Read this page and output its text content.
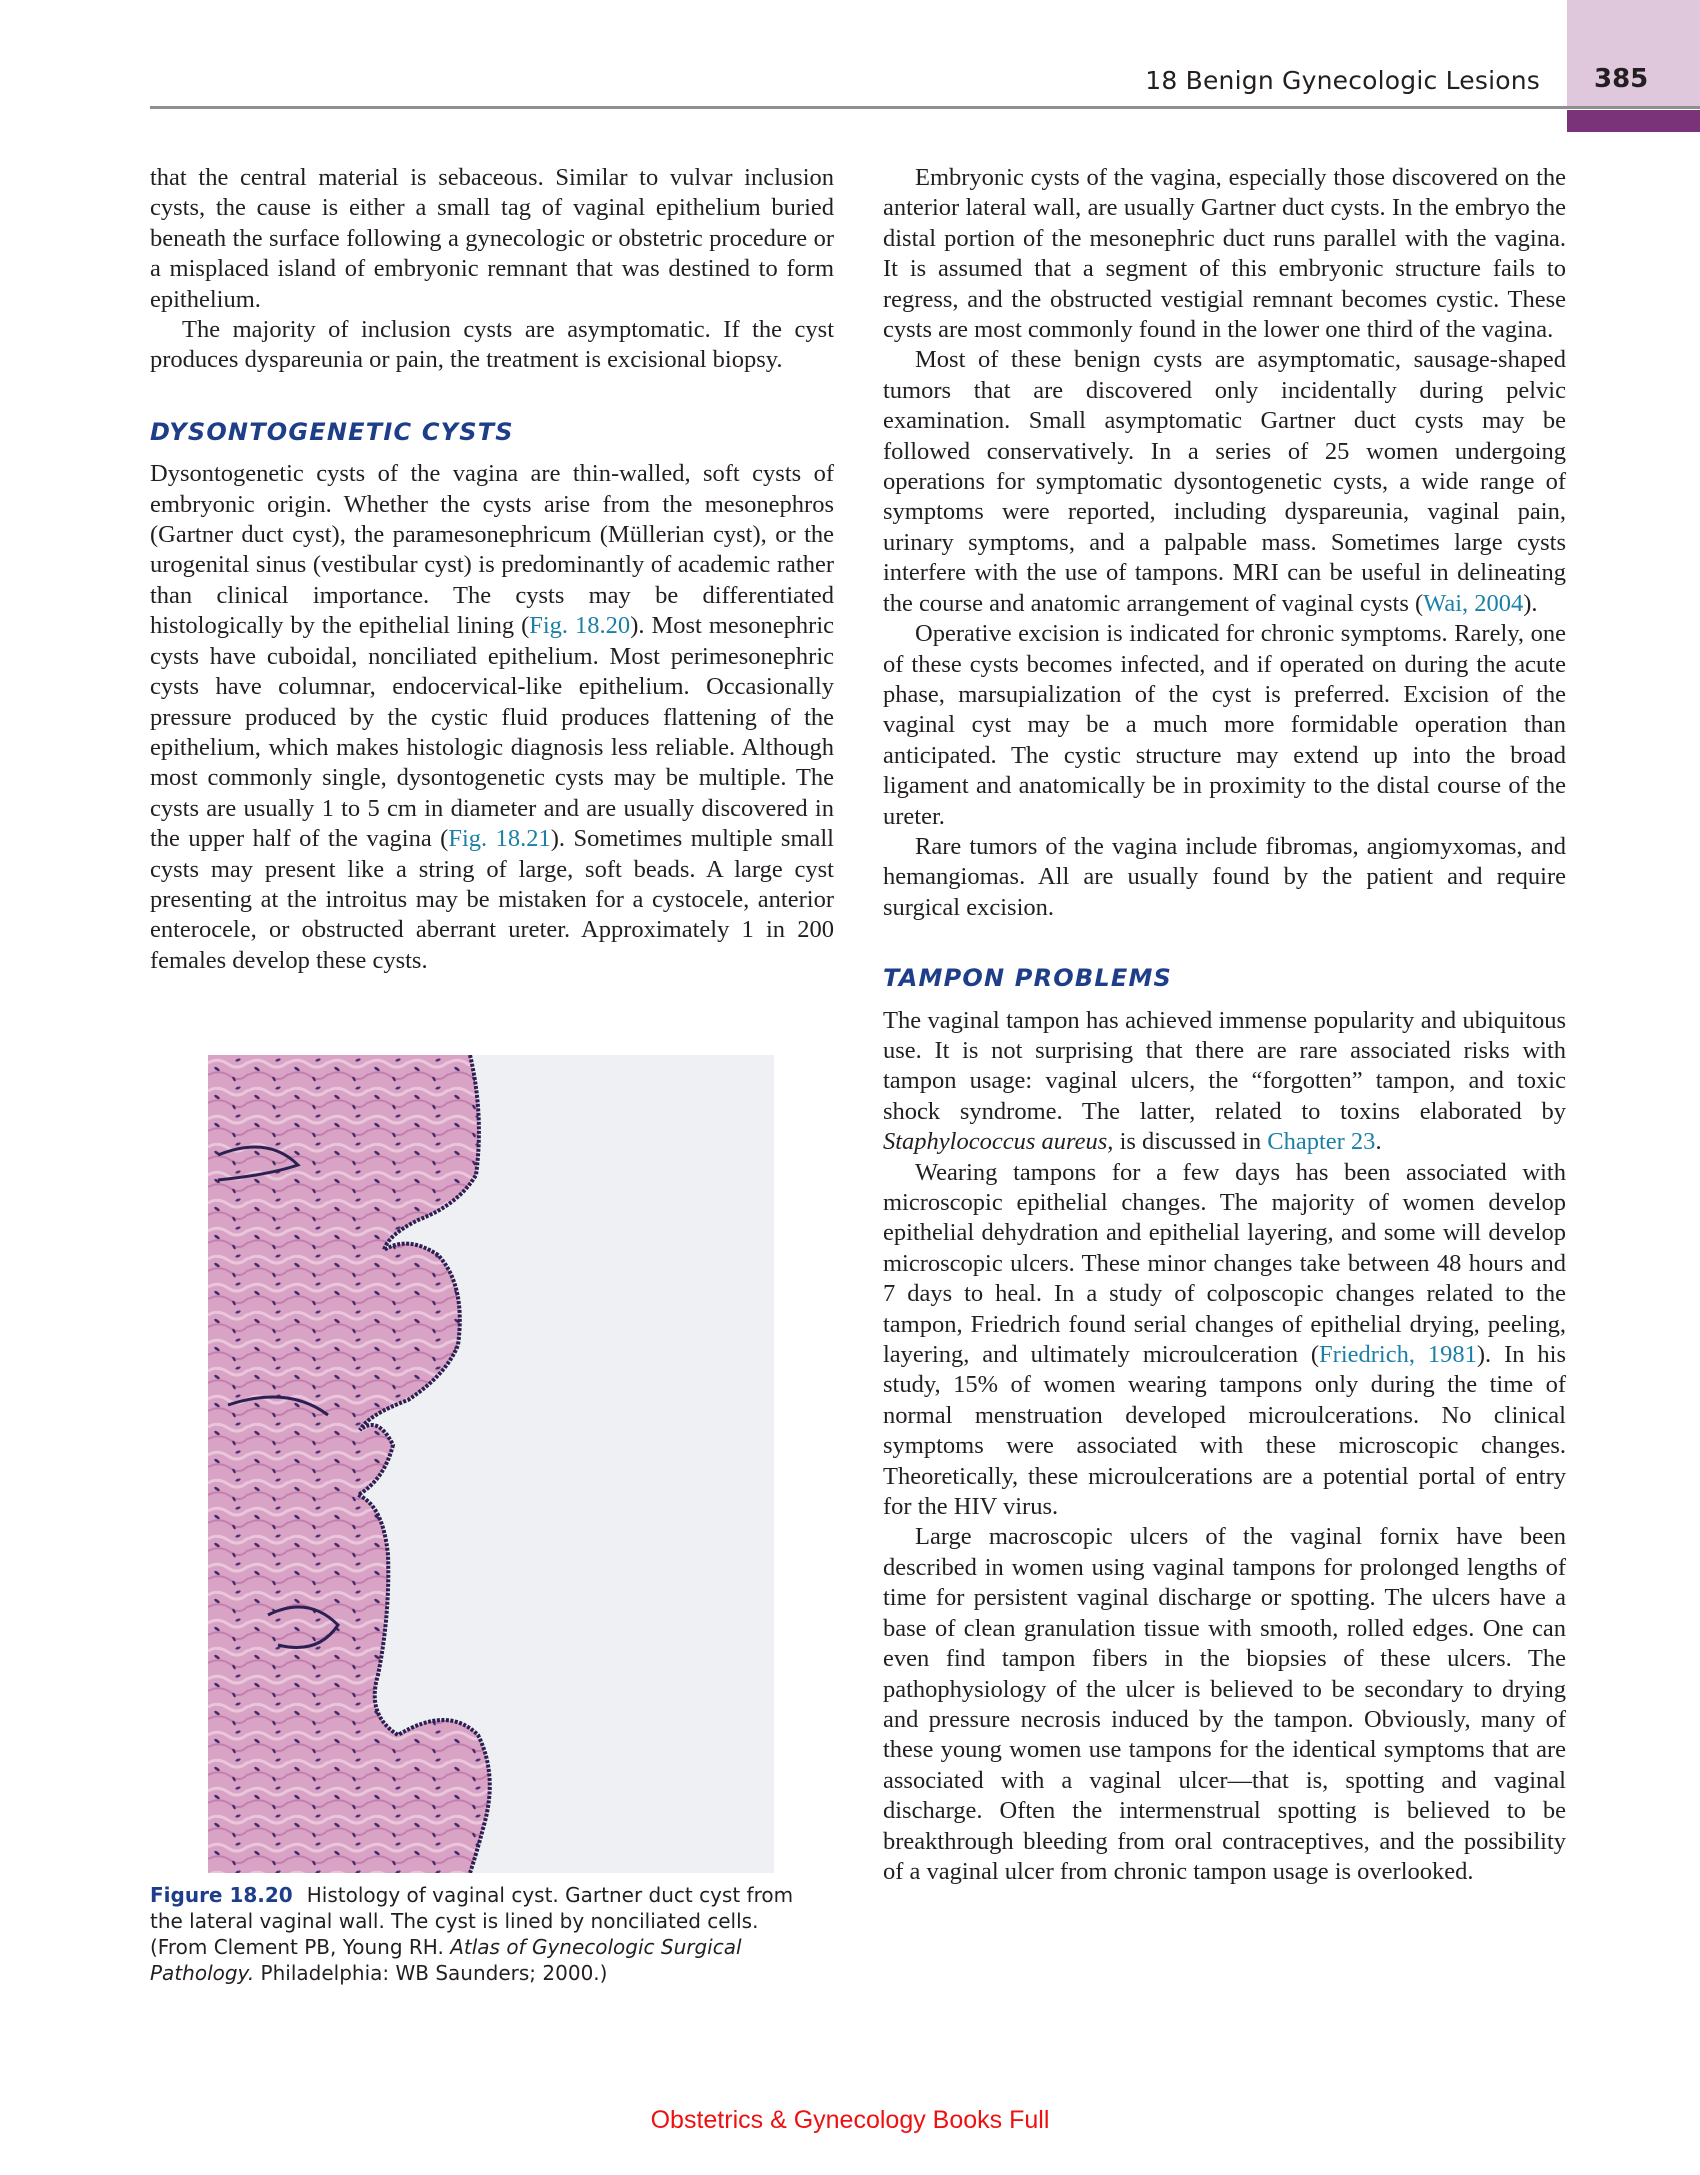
18 Benign Gynecologic Lesions 385

that the central material is sebaceous. Similar to vulvar inclusion cysts, the cause is either a small tag of vaginal epithelium buried beneath the surface following a gynecologic or obstetric procedure or a misplaced island of embryonic remnant that was destined to form epithelium.

The majority of inclusion cysts are asymptomatic. If the cyst produces dyspareunia or pain, the treatment is excisional biopsy.

DYSONTOGENETIC CYSTS

Dysontogenetic cysts of the vagina are thin-walled, soft cysts of embryonic origin. Whether the cysts arise from the mesonephros (Gartner duct cyst), the paramesonephricum (Müllerian cyst), or the urogenital sinus (vestibular cyst) is predominantly of academic rather than clinical importance. The cysts may be differentiated histologically by the epithelial lining (Fig. 18.20). Most mesonephric cysts have cuboidal, nonciliated epithelium. Most perimesonephric cysts have columnar, endocervical-like epithelium. Occasionally pressure produced by the cystic fluid produces flattening of the epithelium, which makes histologic diagnosis less reliable. Although most commonly single, dysontogenetic cysts may be multiple. The cysts are usually 1 to 5 cm in diameter and are usually discovered in the upper half of the vagina (Fig. 18.21). Sometimes multiple small cysts may present like a string of large, soft beads. A large cyst presenting at the introitus may be mistaken for a cystocele, anterior enterocele, or obstructed aberrant ureter. Approximately 1 in 200 females develop these cysts.

Figure 18.20 Histology of vaginal cyst. Gartner duct cyst from the lateral vaginal wall. The cyst is lined by nonciliated cells. (From Clement PB, Young RH. Atlas of Gynecologic Surgical Pathology. Philadelphia: WB Saunders; 2000.)

Embryonic cysts of the vagina, especially those discovered on the anterior lateral wall, are usually Gartner duct cysts. In the embryo the distal portion of the mesonephric duct runs parallel with the vagina. It is assumed that a segment of this embryonic structure fails to regress, and the obstructed vestigial remnant becomes cystic. These cysts are most commonly found in the lower one third of the vagina.

Most of these benign cysts are asymptomatic, sausage-shaped tumors that are discovered only incidentally during pelvic examination. Small asymptomatic Gartner duct cysts may be followed conservatively. In a series of 25 women undergoing operations for symptomatic dysontogenetic cysts, a wide range of symptoms were reported, including dyspareunia, vaginal pain, urinary symptoms, and a palpable mass. Sometimes large cysts interfere with the use of tampons. MRI can be useful in delineating the course and anatomic arrangement of vaginal cysts (Wai, 2004).

Operative excision is indicated for chronic symptoms. Rarely, one of these cysts becomes infected, and if operated on during the acute phase, marsupialization of the cyst is preferred. Excision of the vaginal cyst may be a much more formidable operation than anticipated. The cystic structure may extend up into the broad ligament and anatomically be in proximity to the distal course of the ureter.

Rare tumors of the vagina include fibromas, angiomyxomas, and hemangiomas. All are usually found by the patient and require surgical excision.

TAMPON PROBLEMS

The vaginal tampon has achieved immense popularity and ubiquitous use. It is not surprising that there are rare associated risks with tampon usage: vaginal ulcers, the “forgotten” tampon, and toxic shock syndrome. The latter, related to toxins elaborated by Staphylococcus aureus, is discussed in Chapter 23.

Wearing tampons for a few days has been associated with microscopic epithelial changes. The majority of women develop epithelial dehydration and epithelial layering, and some will develop microscopic ulcers. These minor changes take between 48 hours and 7 days to heal. In a study of colposcopic changes related to the tampon, Friedrich found serial changes of epithelial drying, peeling, layering, and ultimately microulceration (Friedrich, 1981). In his study, 15% of women wearing tampons only during the time of normal menstruation developed microulcerations. No clinical symptoms were associated with these microscopic changes. Theoretically, these microulcerations are a potential portal of entry for the HIV virus.

Large macroscopic ulcers of the vaginal fornix have been described in women using vaginal tampons for prolonged lengths of time for persistent vaginal discharge or spotting. The ulcers have a base of clean granulation tissue with smooth, rolled edges. One can even find tampon fibers in the biopsies of these ulcers. The pathophysiology of the ulcer is believed to be secondary to drying and pressure necrosis induced by the tampon. Obviously, many of these young women use tampons for the identical symptoms that are associated with a vaginal ulcer—that is, spotting and vaginal discharge. Often the intermenstrual spotting is believed to be breakthrough bleeding from oral contraceptives, and the possibility of a vaginal ulcer from chronic tampon usage is overlooked.

Obstetrics & Gynecology Books Full
